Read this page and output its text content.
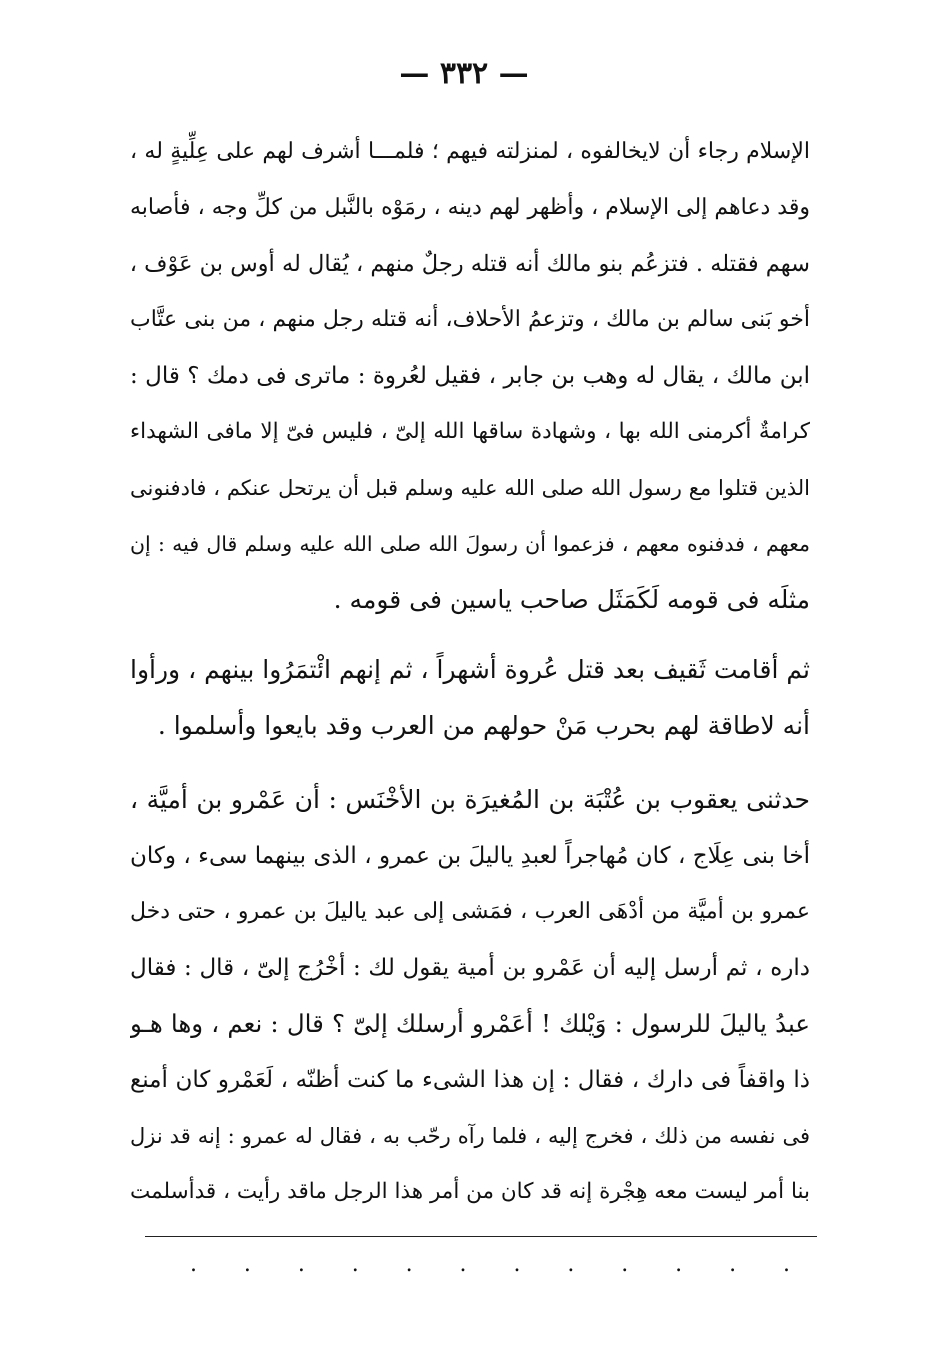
— ٣٣٢ —
الإسلام رجاء أن لايخالفوه ، لمنزلته فيهم ؛ فلمـــا أشرف لهم على عِلِّيةٍ له ،
وقد دعاهم إلى الإسلام ، وأظهر لهم دينه ، رمَوْه بالنَّبل من كلِّ وجه ، فأصابه
سهم فقتله . فتزعُم بنو مالك أنه قتله رجلٌ منهم ، يُقال له أوس بن عَوْف ،
أخو بَنى سالم بن مالك ، وتزعمُ الأحلاف، أنه قتله رجل منهم ، من بنى عتَّاب
ابن مالك ، يقال له وهب بن جابر ، فقيل لعُروة : ماترى فى دمك ؟ قال :
كرامةٌ أكرمنى الله بها ، وشهادة ساقها الله إلىّ ، فليس فىّ إلا مافى الشهداء
الذين قتلوا مع رسول الله صلى الله عليه وسلم قبل أن يرتحل عنكم ، فادفنونى
معهم ، فدفنوه معهم ، فزعموا أن رسولَ الله صلى الله عليه وسلم قال فيه : إن
مثلَه فى قومه لَكَمَثَل صاحب ياسين فى قومه .
ثم أقامت ثَقيف بعد قتل عُروة أشهراً ، ثم إنهم ائْتمَرُوا بينهم ، ورأوا
أنه لاطاقة لهم بحرب مَنْ حولهم من العرب وقد بايعوا وأسلموا .
حدثنى يعقوب بن عُتْبَة بن المُغيرَة بن الأخْنَس : أن عَمْرو بن أميَّة ،
أخا بنى عِلَاج ، كان مُهاجراً لعبدِ ياليلَ بن عمرو ، الذى بينهما سىء ، وكان
عمرو بن أميَّة من أدْهَى العرب ، فمَشى إلى عبد ياليلَ بن عمرو ، حتى دخل
داره ، ثم أرسل إليه أن عَمْرو بن أمية يقول لك : أخْرُج إلىّ ، قال : فقال
عبدُ ياليلَ للرسول : وَيْلك ! أعَمْرو أرسلك إلىّ ؟ قال : نعم ، وها هـو
ذا واقفاً فى دارك ، فقال : إن هذا الشىء ما كنت أظنّه ، لَعَمْرو كان أمنع
فى نفسه من ذلك ، فخرج إليه ، فلما رآه رحّب به ، فقال له عمرو : إنه قد نزل
بنا أمر ليست معه هِجْرة إنه قد كان من أمر هذا الرجل ماقد رأيت ، قدأسلمت
. . . . . . . . . . . .
